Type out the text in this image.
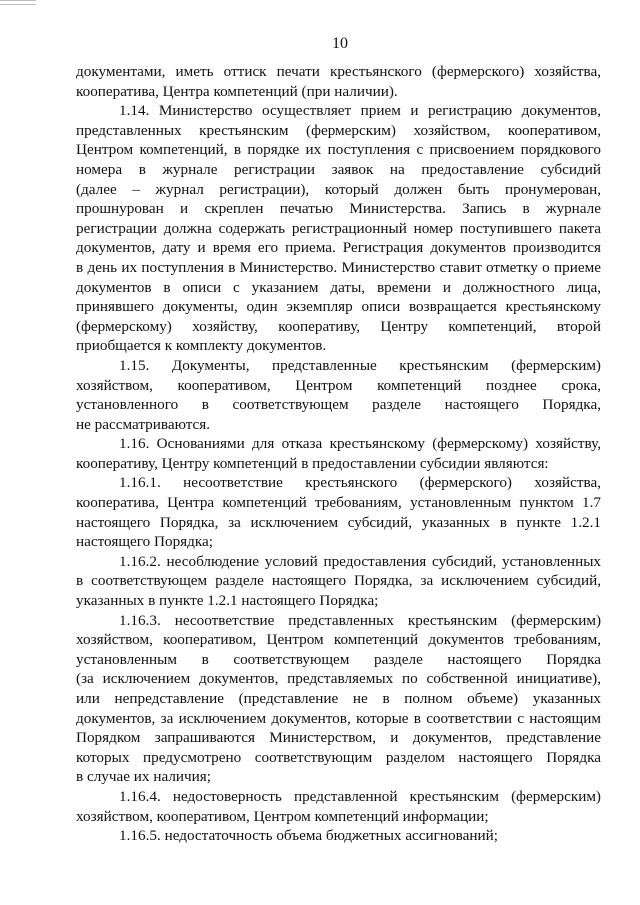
10
документами, иметь оттиск печати крестьянского (фермерского) хозяйства,
кооператива, Центра компетенций (при наличии).
1.14. Министерство осуществляет прием и регистрацию документов,
представленных крестьянским (фермерским) хозяйством, кооперативом,
Центром компетенций, в порядке их поступления с присвоением порядкового
номера в журнале регистрации заявок на предоставление субсидий
(далее – журнал регистрации), который должен быть пронумерован,
прошнурован и скреплен печатью Министерства. Запись в журнале
регистрации должна содержать регистрационный номер поступившего пакета
документов, дату и время его приема. Регистрация документов производится
в день их поступления в Министерство. Министерство ставит отметку о приеме
документов в описи с указанием даты, времени и должностного лица,
принявшего документы, один экземпляр описи возвращается крестьянскому
(фермерскому) хозяйству, кооперативу, Центру компетенций, второй
приобщается к комплекту документов.
1.15. Документы, представленные крестьянским (фермерским)
хозяйством, кооперативом, Центром компетенций позднее срока,
установленного в соответствующем разделе настоящего Порядка,
не рассматриваются.
1.16. Основаниями для отказа крестьянскому (фермерскому) хозяйству,
кооперативу, Центру компетенций в предоставлении субсидии являются:
1.16.1. несоответствие крестьянского (фермерского) хозяйства,
кооператива, Центра компетенций требованиям, установленным пунктом 1.7
настоящего Порядка, за исключением субсидий, указанных в пункте 1.2.1
настоящего Порядка;
1.16.2. несоблюдение условий предоставления субсидий, установленных
в соответствующем разделе настоящего Порядка, за исключением субсидий,
указанных в пункте 1.2.1 настоящего Порядка;
1.16.3. несоответствие представленных крестьянским (фермерским)
хозяйством, кооперативом, Центром компетенций документов требованиям,
установленным в соответствующем разделе настоящего Порядка
(за исключением документов, представляемых по собственной инициативе),
или непредставление (представление не в полном объеме) указанных
документов, за исключением документов, которые в соответствии с настоящим
Порядком запрашиваются Министерством, и документов, представление
которых предусмотрено соответствующим разделом настоящего Порядка
в случае их наличия;
1.16.4. недостоверность представленной крестьянским (фермерским)
хозяйством, кооперативом, Центром компетенций информации;
1.16.5. недостаточность объема бюджетных ассигнований;
